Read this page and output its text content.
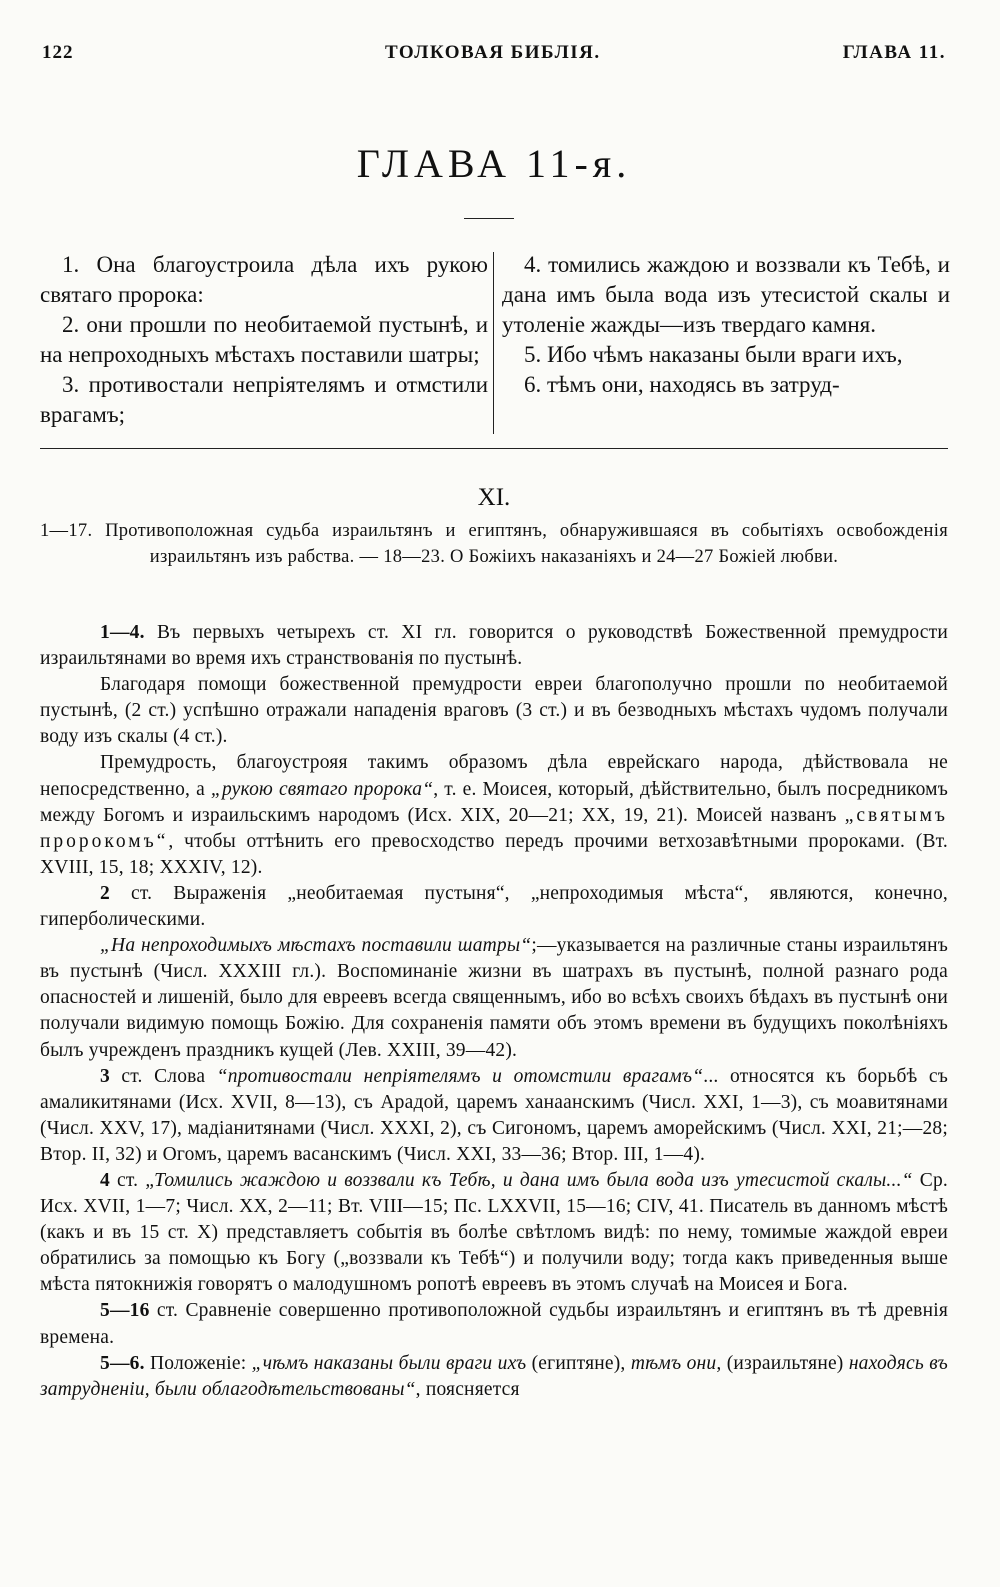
122	ТОЛКОВАЯ БИБЛІЯ.	ГЛАВА 11.
ГЛАВА 11-я.

1. Она благоустроила дѣла ихъ рукою святаго пророка:

2. они прошли по необитаемой пустынѣ, и на непроходныхъ мѣстахъ поставили шатры;

3. противостали непріятелямъ и отмстили врагамъ;

4. томились жаждою и воззвали къ Тебѣ, и дана имъ была вода изъ утесистой скалы и утоленіе жажды—изъ твердаго камня.

5. Ибо чѣмъ наказаны были враги ихъ,

6. тѣмъ они, находясь въ затруд-

XI.

1—17. Противоположная судьба израильтянъ и египтянъ, обнаружившаяся въ событіяхъ освобожденія израильтянъ изъ рабства. — 18—23. О Божіихъ наказаніяхъ и 24—27 Божіей любви.

1—4. Въ первыхъ четырехъ ст. XI гл. говорится о руководствѣ Божественной премудрости израильтянами во время ихъ странствованія по пустынѣ.

Благодаря помощи божественной премудрости евреи благополучно прошли по необитаемой пустынѣ, (2 ст.) успѣшно отражали нападенія враговъ (3 ст.) и въ безводныхъ мѣстахъ чудомъ получали воду изъ скалы (4 ст.).

Премудрость, благоустрояя такимъ образомъ дѣла еврейскаго народа, дѣйствовала не непосредственно, а „рукою святаго пророка“, т. е. Моисея, который, дѣйствительно, былъ посредникомъ между Богомъ и израильскимъ народомъ (Исх. XIX, 20—21; XX, 19, 21). Моисей названъ „святымъ пророкомъ“, чтобы оттѣнить его превосходство передъ прочими ветхозавѣтными пророками. (Вт. XVIII, 15, 18; XXXIV, 12).

2 ст. Выраженія „необитаемая пустыня“, „непроходимыя мѣста“, являются, конечно, гиперболическими.

„На непроходимыхъ мѣстахъ поставили шатры“;—указывается на различные станы израильтянъ въ пустынѣ (Числ. XXXIII гл.). Воспоминаніе жизни въ шатрахъ въ пустынѣ, полной разнаго рода опасностей и лишеній, было для евреевъ всегда священнымъ, ибо во всѣхъ своихъ бѣдахъ въ пустынѣ они получали видимую помощь Божію. Для сохраненія памяти объ этомъ времени въ будущихъ поколѣніяхъ былъ учрежденъ праздникъ кущей (Лев. XXIII, 39—42).

3 ст. Слова “противостали непріятелямъ и отомстили врагамъ“... относятся къ борьбѣ съ амаликитянами (Исх. XVII, 8—13), съ Арадой, царемъ ханаанскимъ (Числ. XXI, 1—3), съ моавитянами (Числ. XXV, 17), мадіанитянами (Числ. XXXI, 2), съ Сигономъ, царемъ аморейскимъ (Числ. XXI, 21;—28; Втор. II, 32) и Огомъ, царемъ васанскимъ (Числ. XXI, 33—36; Втор. III, 1—4).

4 ст. „Томились жаждою и воззвали къ Тебѣ, и дана имъ была вода изъ утесистой скалы...“ Ср. Исх. XVII, 1—7; Числ. XX, 2—11; Вт. VIII—15; Пс. LXXVII, 15—16; CIV, 41. Писатель въ данномъ мѣстѣ (какъ и въ 15 ст. X) представляетъ событія въ болѣе свѣтломъ видѣ: по нему, томимые жаждой евреи обратились за помощью къ Богу („воззвали къ Тебѣ“) и получили воду; тогда какъ приведенныя выше мѣста пятокнижія говорятъ о малодушномъ ропотѣ евреевъ въ этомъ случаѣ на Моисея и Бога.

5—16 ст. Сравненіе совершенно противоположной судьбы израильтянъ и египтянъ въ тѣ древнія времена.

5—6. Положеніе: „чѣмъ наказаны были враги ихъ (египтяне), тѣмъ они, (израильтяне) находясь въ затрудненіи, были облагодѣтельствованы“, поясняется
